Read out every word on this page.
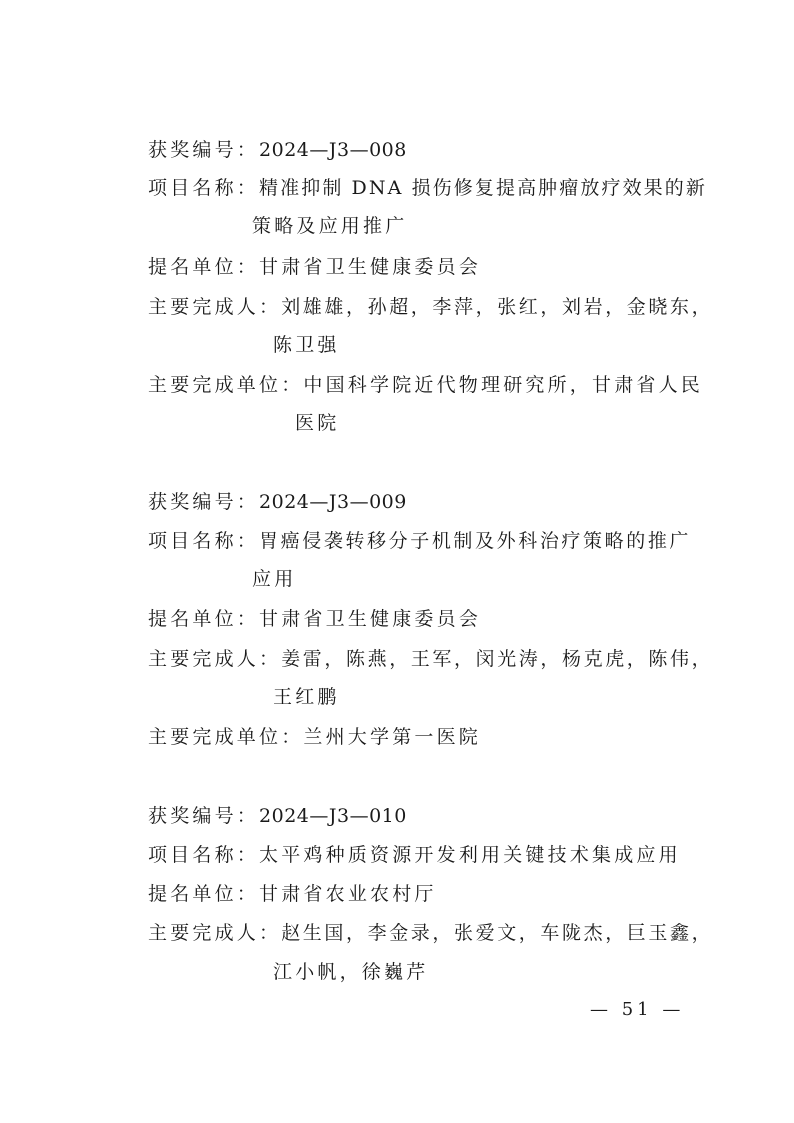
获奖编号：2024—J3—008
项目名称：精准抑制 DNA 损伤修复提高肿瘤放疗效果的新
策略及应用推广
提名单位：甘肃省卫生健康委员会
主要完成人：刘雄雄，孙超，李萍，张红，刘岩，金晓东，
陈卫强
主要完成单位：中国科学院近代物理研究所，甘肃省人民
医院
获奖编号：2024—J3—009
项目名称：胃癌侵袭转移分子机制及外科治疗策略的推广
应用
提名单位：甘肃省卫生健康委员会
主要完成人：姜雷，陈燕，王军，闵光涛，杨克虎，陈伟，
王红鹏
主要完成单位：兰州大学第一医院
获奖编号：2024—J3—010
项目名称：太平鸡种质资源开发利用关键技术集成应用
提名单位：甘肃省农业农村厅
主要完成人：赵生国，李金录，张爱文，车陇杰，巨玉鑫，
江小帆，徐巍芹
— 51 —
